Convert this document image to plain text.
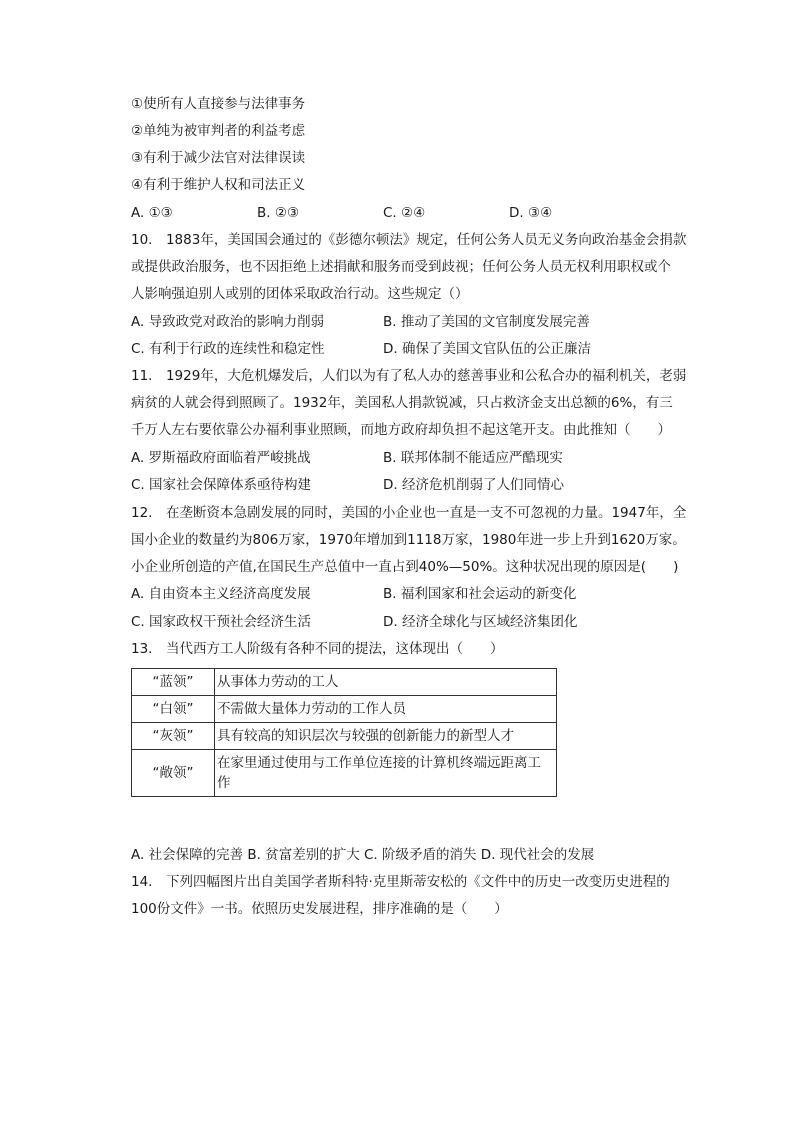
①使所有人直接参与法律事务
②单纯为被审判者的利益考虑
③有利于减少法官对法律误读
④有利于维护人权和司法正义
A. ①③	B. ②③	C. ②④	D. ③④
10.　1883年，美国国会通过的《彭德尔顿法》规定，任何公务人员无义务向政治基金会捐款
或提供政治服务，也不因拒绝上述捐献和服务而受到歧视；任何公务人员无权利用职权或个
人影响强迫别人或别的团体采取政治行动。这些规定（）
A. 导致政党对政治的影响力削弱	B. 推动了美国的文官制度发展完善
C. 有利于行政的连续性和稳定性	D. 确保了美国文官队伍的公正廉洁
11.　1929年，大危机爆发后，人们以为有了私人办的慈善事业和公私合办的福利机关，老弱
病贫的人就会得到照顾了。1932年，美国私人捐款锐减，只占救济金支出总额的6%，有三
千万人左右要依靠公办福利事业照顾，而地方政府却负担不起这笔开支。由此推知（　　）
A. 罗斯福政府面临着严峻挑战	B. 联邦体制不能适应严酷现实
C. 国家社会保障体系亟待构建	D. 经济危机削弱了人们同情心
12.　在垄断资本急剧发展的同时，美国的小企业也一直是一支不可忽视的力量。1947年，全
国小企业的数量约为806万家，1970年增加到1118万家，1980年进一步上升到1620万家。
小企业所创造的产值,在国民生产总值中一直占到40%—50%。这种状况出现的原因是(　　)
A. 自由资本主义经济高度发展	B. 福利国家和社会运动的新变化
C. 国家政权干预社会经济生活	D. 经济全球化与区域经济集团化
13.　当代西方工人阶级有各种不同的提法，这体现出（　　）
“蓝领”	从事体力劳动的工人
“白领”	不需做大量体力劳动的工作人员
“灰领”	具有较高的知识层次与较强的创新能力的新型人才
“敞领”	在家里通过使用与工作单位连接的计算机终端远距离工作
A. 社会保障的完善 B. 贫富差别的扩大 C. 阶级矛盾的消失 D. 现代社会的发展
14.　下列四幅图片出自美国学者斯科特·克里斯蒂安松的《文件中的历史一改变历史进程的
100份文件》一书。依照历史发展进程，排序准确的是（　　）
